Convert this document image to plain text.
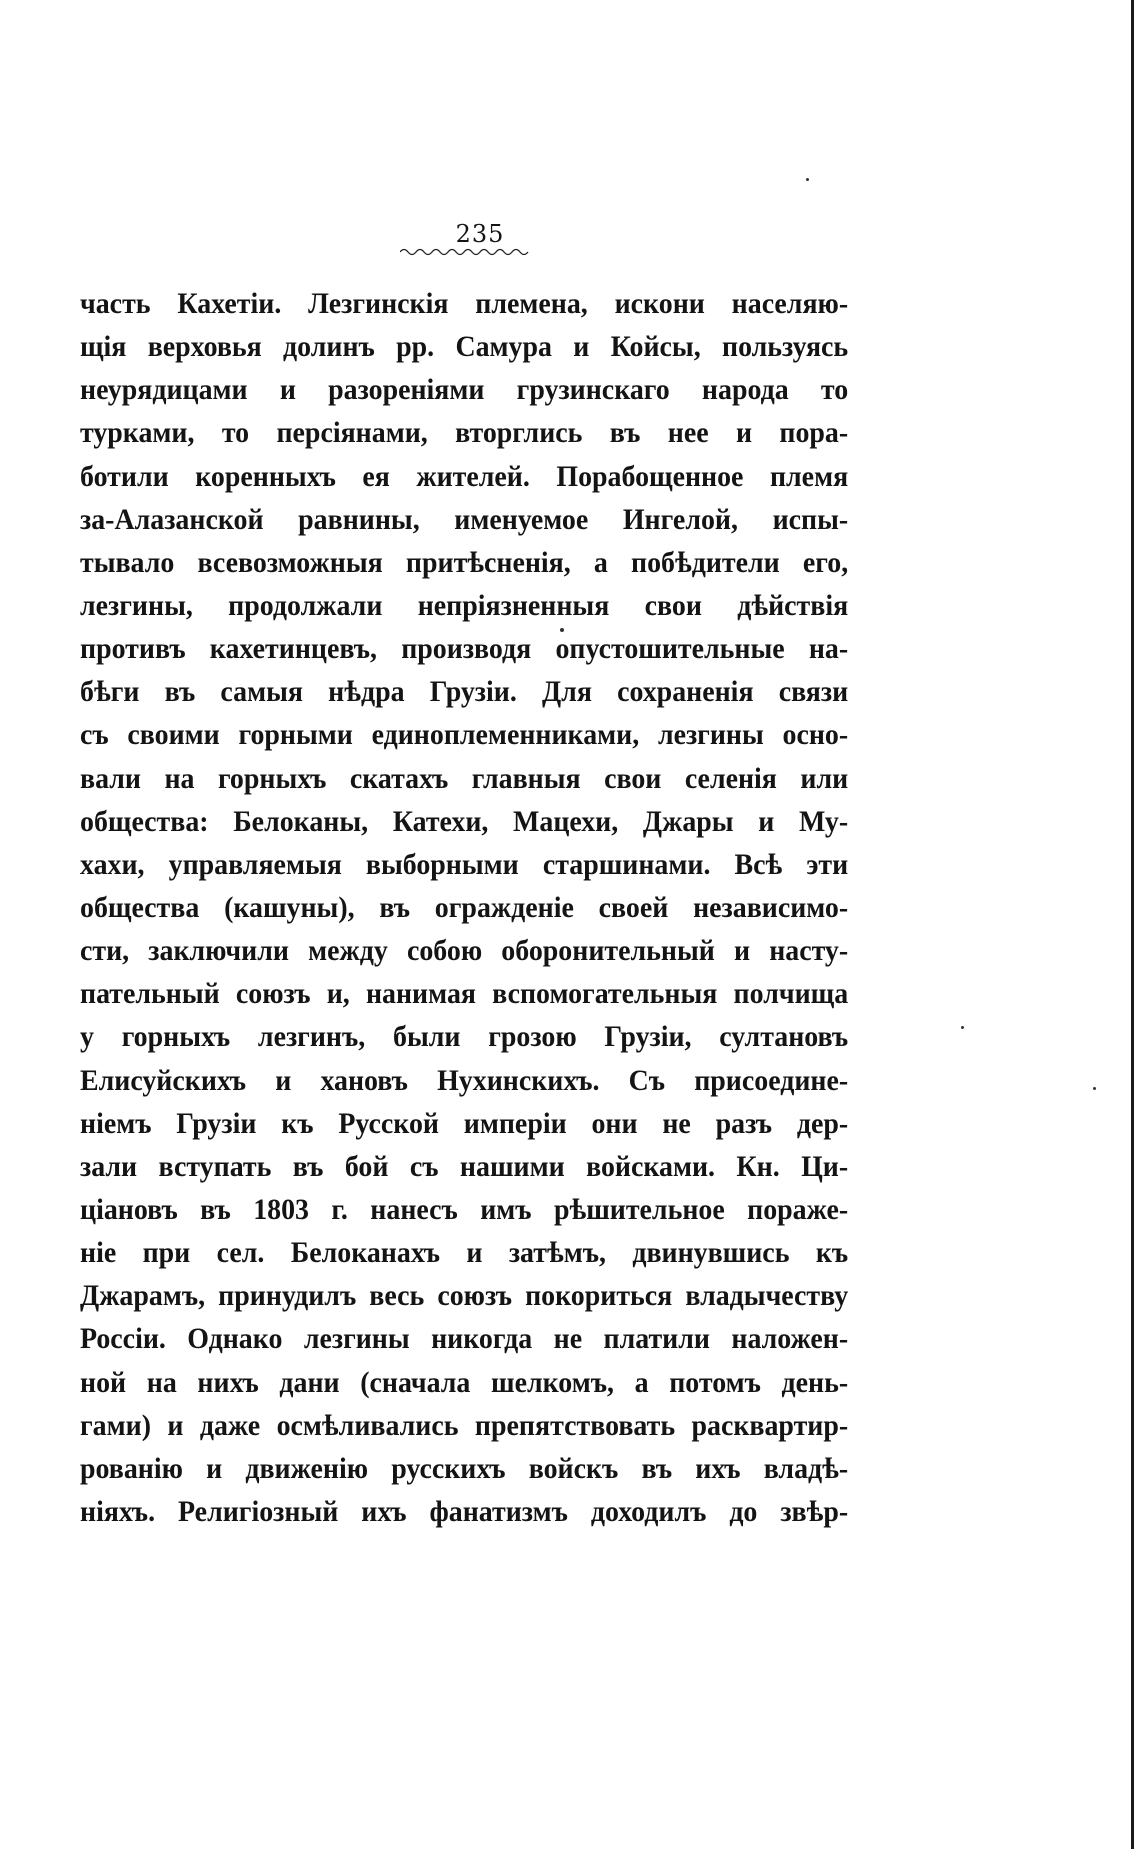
235
часть Кахетіи. Лезгинскія племена, искони населяю-
щія верховья долинъ рр. Самура и Койсы, пользуясь
неурядицами и разореніями грузинскаго народа то
турками, то персіянами, вторглись въ нее и пора-
ботили коренныхъ ея жителей. Порабощенное племя
за-Алазанской равнины, именуемое Ингелой, испы-
тывало всевозможныя притѣсненія, а побѣдители его,
лезгины, продолжали непріязненныя свои дѣйствія
противъ кахетинцевъ, производя опустошительные на-
бѣги въ самыя нѣдра Грузіи. Для сохраненія связи
съ своими горными единоплеменниками, лезгины осно-
вали на горныхъ скатахъ главныя свои селенія или
общества: Белоканы, Катехи, Мацехи, Джары и Му-
хахи, управляемыя выборными старшинами. Всѣ эти
общества (кашуны), въ огражденіе своей независимо-
сти, заключили между собою оборонительный и насту-
пательный союзъ и, нанимая вспомогательныя полчища
у горныхъ лезгинъ, были грозою Грузіи, султановъ
Елисуйскихъ и хановъ Нухинскихъ. Съ присоедине-
ніемъ Грузіи къ Русской имперіи они не разъ дер-
зали вступать въ бой съ нашими войсками. Кн. Ци-
ціановъ въ 1803 г. нанесъ имъ рѣшительное пораже-
ніе при сел. Белоканахъ и затѣмъ, двинувшись къ
Джарамъ, принудилъ весь союзъ покориться владычеству
Россіи. Однако лезгины никогда не платили наложен-
ной на нихъ дани (сначала шелкомъ, а потомъ день-
гами) и даже осмѣливались препятствовать расквартир-
рованію и движенію русскихъ войскъ въ ихъ владѣ-
ніяхъ. Религіозный ихъ фанатизмъ доходилъ до звѣр-
